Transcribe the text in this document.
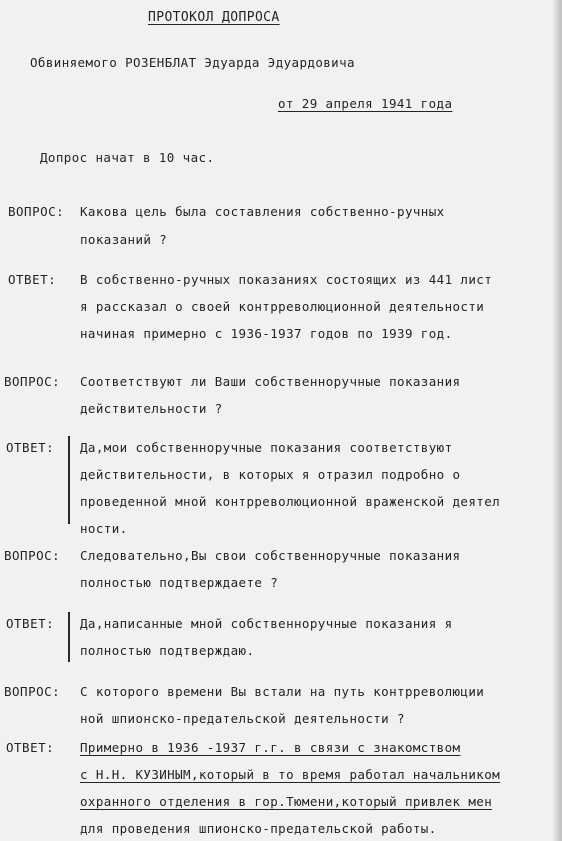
ПРОТОКОЛ ДОПРОСА
Обвиняемого РОЗЕНБЛАТ Эдуарда Эдуардовича
от 29 апреля 1941 года
Допрос начат в 10 час.
ВОПРОС: Какова цель была составления собственно-ручных
показаний ?
ОТВЕТ: В собственно-ручных показаниях состоящих из 441 лист
я рассказал о своей контрреволюционной деятельности
начиная примерно с 1936-1937 годов по 1939 год.
ВОПРОС: Соответствуют ли Ваши собственноручные показания
действительности ?
ОТВЕТ: Да,мои собственноручные показания соответствуют
действительности, в которых я отразил подробно о
проведенной мной контрреволюционной враженской деятел
ности.
ВОПРОС: Следовательно,Вы свои собственноручные показания
полностью подтверждаете ?
ОТВЕТ: Да,написанные мной собственноручные показания я
полностью подтверждаю.
ВОПРОС: С которого времени Вы встали на путь контрреволюции
ной шпионско-предательской деятельности ?
ОТВЕТ: Примерно в 1936 -1937 г.г. в связи с знакомством
с Н.Н. КУЗИНЫМ,который в то время работал начальником
охранного отделения в гор.Тюмени,который привлек мен
для проведения шпионско-предательской работы.
